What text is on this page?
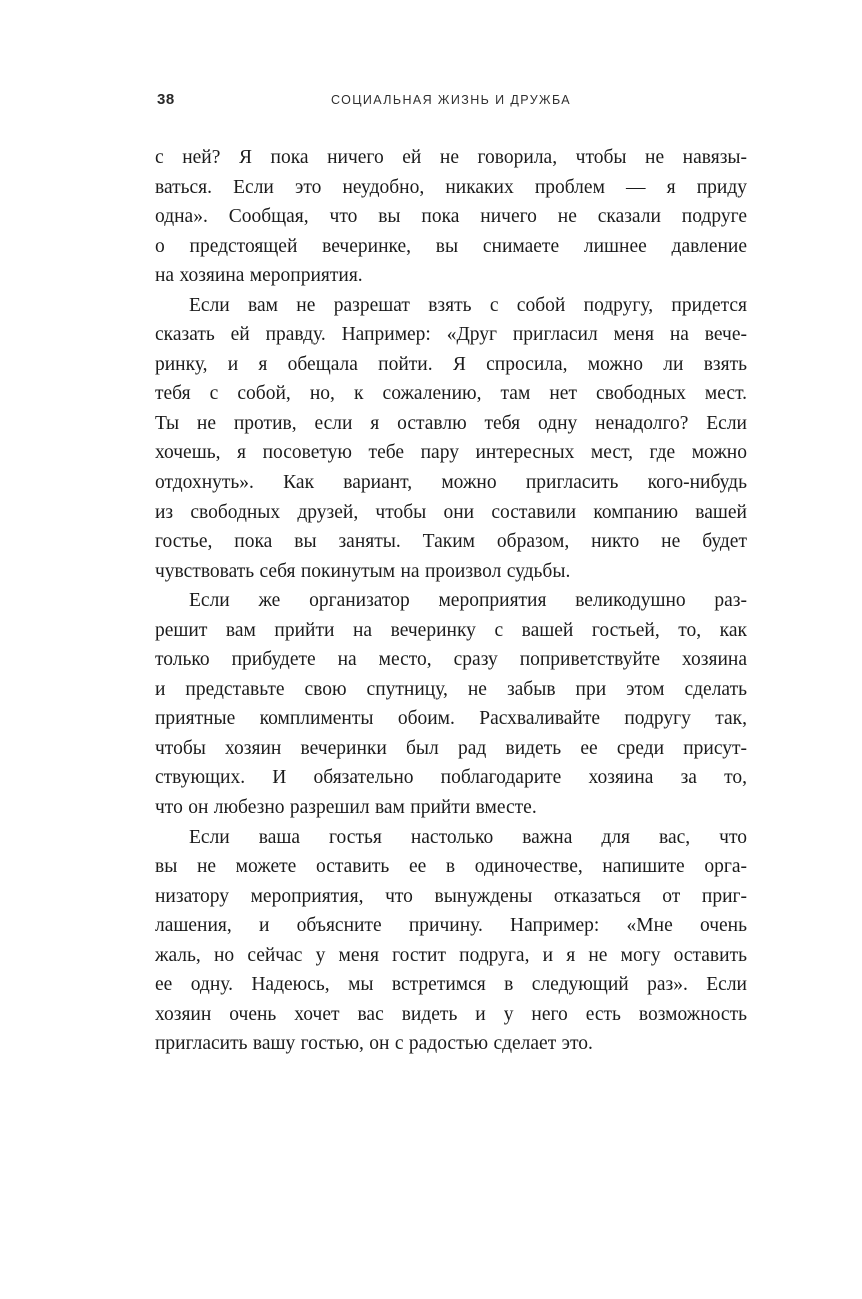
38	СОЦИАЛЬНАЯ ЖИЗНЬ И ДРУЖБА
с ней? Я пока ничего ей не говорила, чтобы не навязы-
ваться. Если это неудобно, никаких проблем — я приду
одна». Сообщая, что вы пока ничего не сказали подруге
о предстоящей вечеринке, вы снимаете лишнее давление
на хозяина мероприятия.
Если вам не разрешат взять с собой подругу, придется
сказать ей правду. Например: «Друг пригласил меня на вече-
ринку, и я обещала пойти. Я спросила, можно ли взять
тебя с собой, но, к сожалению, там нет свободных мест.
Ты не против, если я оставлю тебя одну ненадолго? Если
хочешь, я посоветую тебе пару интересных мест, где можно
отдохнуть». Как вариант, можно пригласить кого-нибудь
из свободных друзей, чтобы они составили компанию вашей
гостье, пока вы заняты. Таким образом, никто не будет
чувствовать себя покинутым на произвол судьбы.
Если же организатор мероприятия великодушно раз-
решит вам прийти на вечеринку с вашей гостьей, то, как
только прибудете на место, сразу поприветствуйте хозяина
и представьте свою спутницу, не забыв при этом сделать
приятные комплименты обоим. Расхваливайте подругу так,
чтобы хозяин вечеринки был рад видеть ее среди присут-
ствующих. И обязательно поблагодарите хозяина за то,
что он любезно разрешил вам прийти вместе.
Если ваша гостья настолько важна для вас, что
вы не можете оставить ее в одиночестве, напишите орга-
низатору мероприятия, что вынуждены отказаться от приг-
лашения, и объясните причину. Например: «Мне очень
жаль, но сейчас у меня гостит подруга, и я не могу оставить
ее одну. Надеюсь, мы встретимся в следующий раз». Если
хозяин очень хочет вас видеть и у него есть возможность
пригласить вашу гостью, он с радостью сделает это.
